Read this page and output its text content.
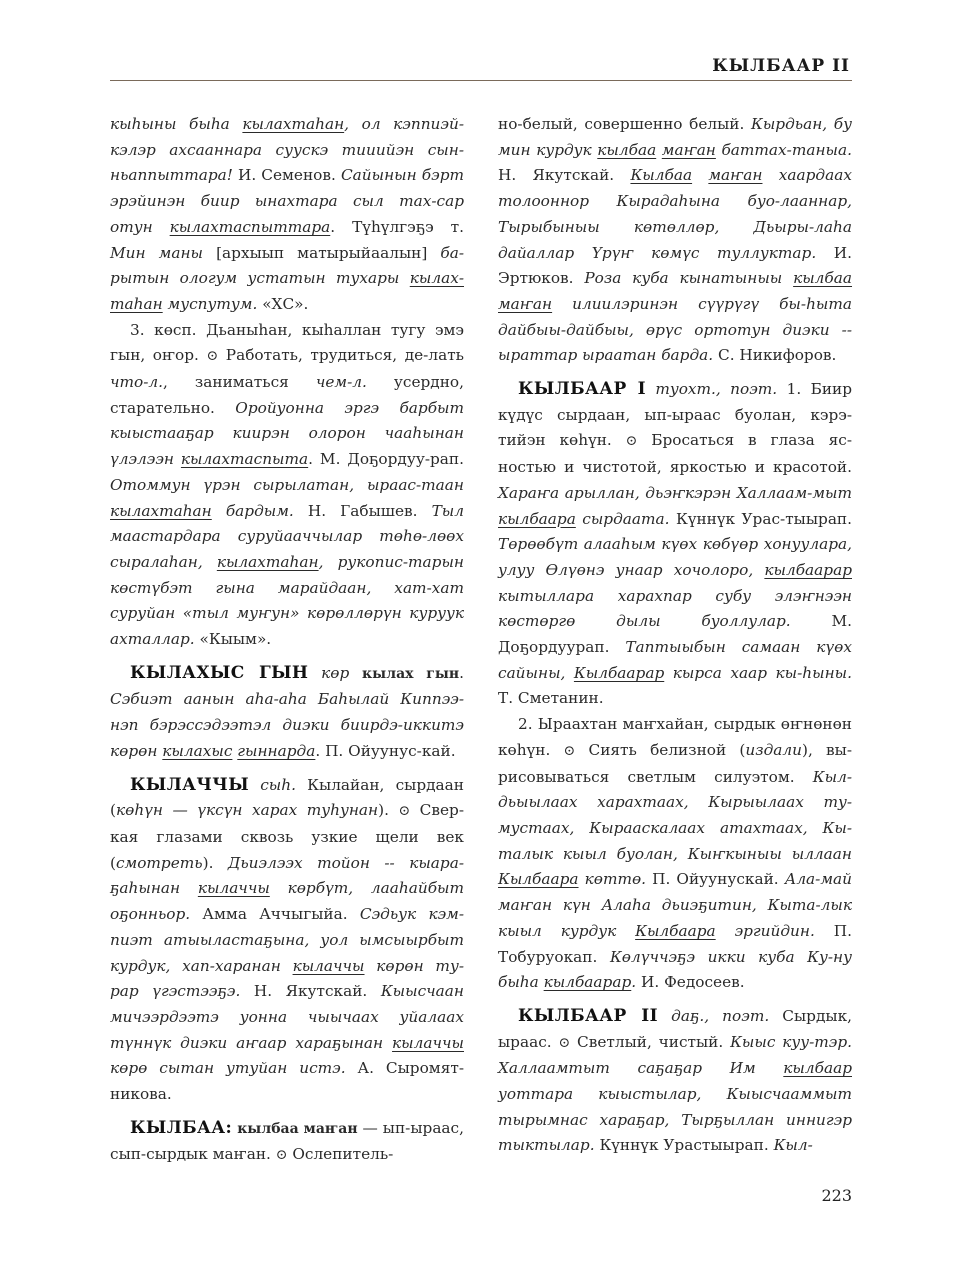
КЫЛБААР II

кыһыны быһа кылахтаһан, ол кэппиэй-кэлэр ахсааннара суускэ тииийэн сын-ньаппыттара! И. Семенов. Сайынын бэрт эрэйинэн биир ынахтара сыл тах-сар отун кылахтаспыттара. Түһүлгэҕэ т. Мин маны [архыып матырыйаалын] ба-рытын ологум устатын тухары кылах-таһан муспутум. «ХС».

3. көсп. Дьаныһан, кыһаллан тугу эмэ гын, оҥор. ⊙ Работать, трудиться, де-лать что-л., заниматься чем-л. усердно, старательно. Оройуонна эргэ барбыт кыыстааҕар киирэн олорон чааһынан үлэлээн кылахтаспыта. М. Доҕордуу-рап. Отоммун үрэн сырылатан, ыраас-таан кылахтаһан бардым. Н. Габышев. Тыл маастардара суруйааччылар төһө-лөөх сыралаһан, кылахтаһан, рукопис-тарын көстүбэт гына марайдаан, хат-хат суруйан «тыл муҥун» көрөллөрүн куруук ахталлар. «Кыым».

КЫЛАХЫС ГЫН көр кылах гын. Сэбиэт аанын аһа-аһа Баһылай Киппээ-нэп бэрэссэдээтэл диэки биирдэ-иккитэ көрөн кылахыс гыннарда. П. Ойуунус-кай.

КЫЛАЧЧЫ сыһ. Кылайан, сырдаан (көһүн — үксүн харах туһунан). ⊙ Свер-кая глазами сквозь узкие щели век (смотреть). Дьиэлээх тойон -- кыара-ҕаһынан кылаччы көрбүт, лааһайбыт оҕонньор. Амма Аччыгыйа. Сэдьук кэм-пиэт атыыластаҕына, уол ымсыырбыт курдук, хап-харанан кылаччы көрөн ту-рар үгэстээҕэ. Н. Якутскай. Кыысчаан мичээрдээтэ уонна чыычаах уйалаах түннүк диэки аҥаар хараҕынан кылаччы көрө сытан утуйан истэ. А. Сыромят-никова.

КЫЛБАА: кылбаа маҥан — ып-ыраас, сып-сырдык маҥан. ⊙ Ослепитель-

но-белый, совершенно белый. Кырдьан, бу мин курдук кылбаа маҥан баттах-таныа. Н. Якутскай. Кылбаа маҥан хаардаах толооннор Кырадаһына буо-лааннар, Тырыбыныы көтөллөр, Дьыры-лаһа дайаллар Үрүҥ көмүс туллуктар. И. Эртюков. Роза куба кынатыныы кылбаа маҥан илиилэринэн сүүрүгү бы-һыта дайбыы-дайбыы, өрүс ортотун диэки -- ыраттар ыраатан барда. С. Никифоров.

КЫЛБААР I туохт., поэт. 1. Биир күдүс сырдаан, ып-ыраас буолан, кэрэ-тийэн көһүн. ⊙ Бросаться в глаза яс-ностью и чистотой, яркостью и красотой. Хараҥа арыллан, дьэҥкэрэн Халлаам-мыт кылбаара сырдаата. Күннүк Урас-тыырап. Төрөөбүт алааһым күөх көбүөр хонуулара, улуу Өлүөнэ унаар хочолоро, кылбаарар кытыллара харахпар субу элэҥнээн көстөргө дылы буоллулар. М. Доҕордуурап. Таптыыбын самаан күөх сайыны, Кылбаарар кырса хаар кы-һыны. Т. Сметанин.

2. Ыраахтан маҥхайан, сырдык өҥнөнөн көһүн. ⊙ Сиять белизной (издали), вы-рисовываться светлым силуэтом. Кыл-дьыылаах харахтаах, Кырыылаах ту-мустаах, Кырааскалаах атахтаах, Кы-талык кыыл буолан, Кыҥкыныы ыллаан Кылбаара көттө. П. Ойуунускай. Ала-май маҥан күн Алаһа дьиэҕитин, Кыта-лык кыыл курдук Кылбаара эргийдин. П. Тобуруокап. Көлүччэҕэ икки куба Ку-ну быһа кылбаарар. И. Федосеев.

КЫЛБААР II даҕ., поэт. Сырдык, ыраас. ⊙ Светлый, чистый. Кыыс куу-тэр. Халлаамтыт саҕаҕар Им кылбаар уоттара кыыстылар, Кыысчааммыт тырымнас хараҕар, Тырҕыллан иннигэр тыктылар. Күннүк Урастыырап. Кыл-

223
